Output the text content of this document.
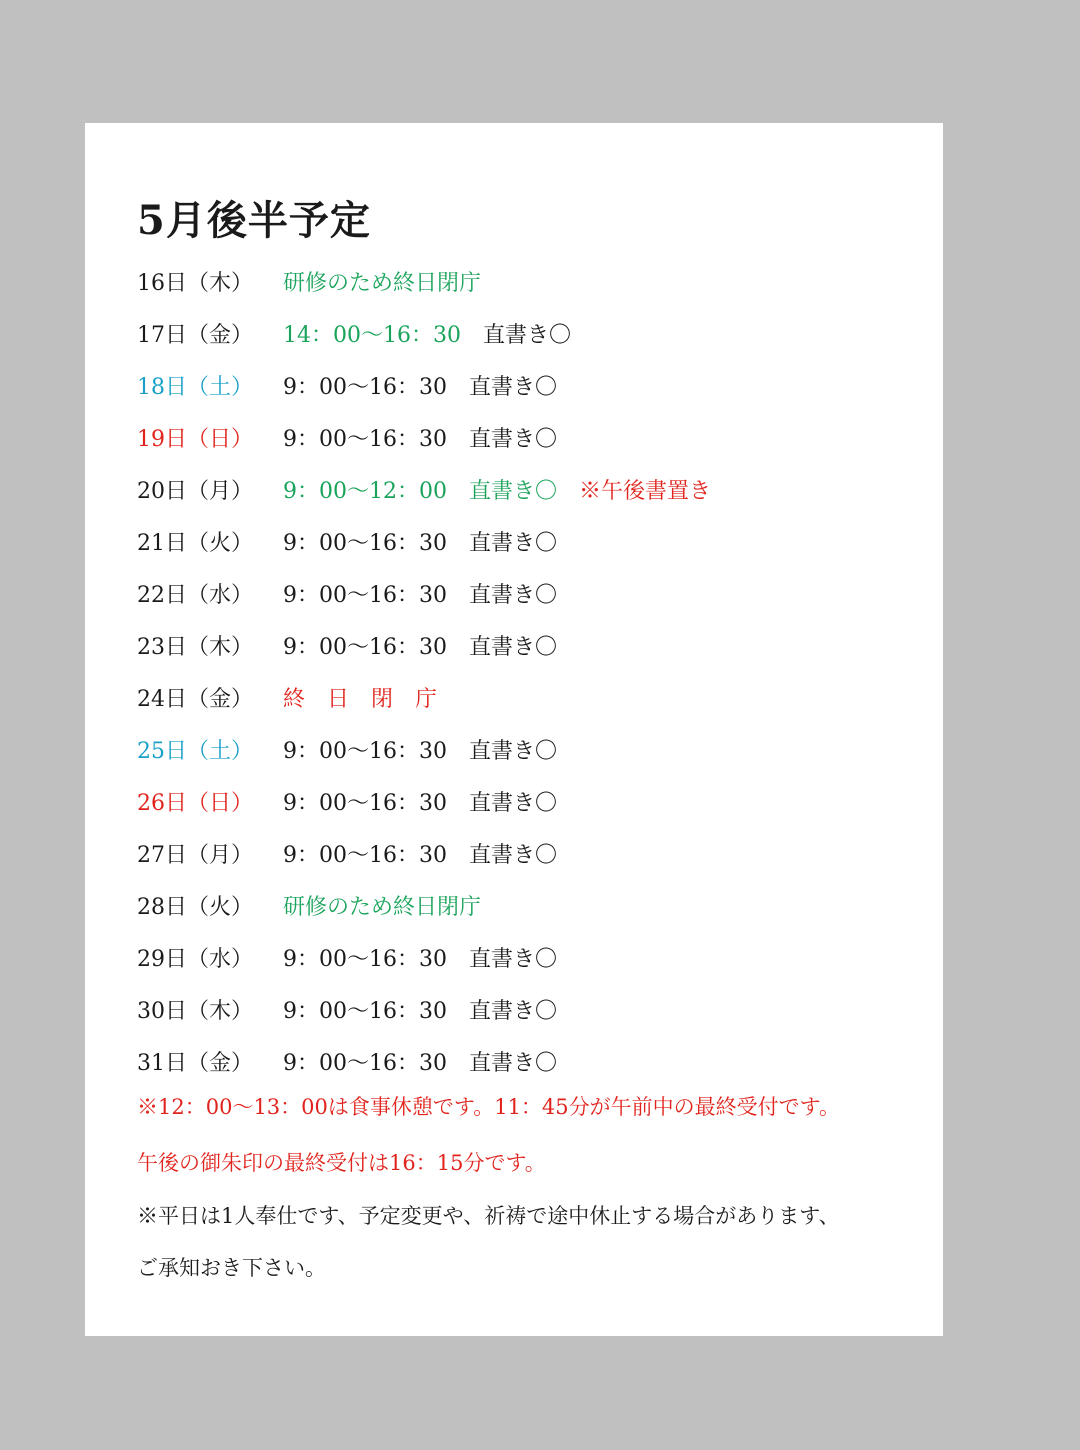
5月後半予定
16日（木）	研修のため終日閉庁
17日（金）	14：00〜16：30 直書き〇
18日（土）	9：00〜16：30 直書き〇
19日（日）	9：00〜16：30 直書き〇
20日（月）	9：00〜12：00 直書き〇 ※午後書置き
21日（火）	9：00〜16：30 直書き〇
22日（水）	9：00〜16：30 直書き〇
23日（木）	9：00〜16：30 直書き〇
24日（金）	終日閉庁
25日（土）	9：00〜16：30 直書き〇
26日（日）	9：00〜16：30 直書き〇
27日（月）	9：00〜16：30 直書き〇
28日（火）	研修のため終日閉庁
29日（水）	9：00〜16：30 直書き〇
30日（木）	9：00〜16：30 直書き〇
31日（金）	9：00〜16：30 直書き〇
※12：00〜13：00は食事休憩です。11：45分が午前中の最終受付です。
午後の御朱印の最終受付は16：15分です。
※平日は1人奉仕です、予定変更や、祈祷で途中休止する場合があります、
ご承知おき下さい。
